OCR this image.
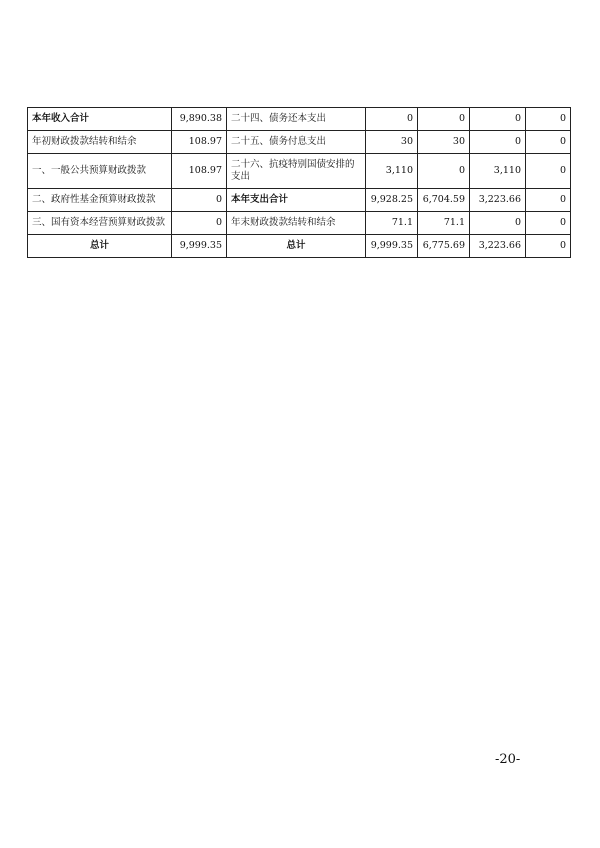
本年收入合计	9,890.38	二十四、债务还本支出	0	0	0	0
年初财政拨款结转和结余	108.97	二十五、债务付息支出	30	30	0	0
一、一般公共预算财政拨款	108.97	二十六、抗疫特别国债安排的支出	3,110	0	3,110	0
二、政府性基金预算财政拨款	0	本年支出合计	9,928.25	6,704.59	3,223.66	0
三、国有资本经营预算财政拨款	0	年末财政拨款结转和结余	71.1	71.1	0	0
总计	9,999.35	总计	9,999.35	6,775.69	3,223.66	0
-20-
